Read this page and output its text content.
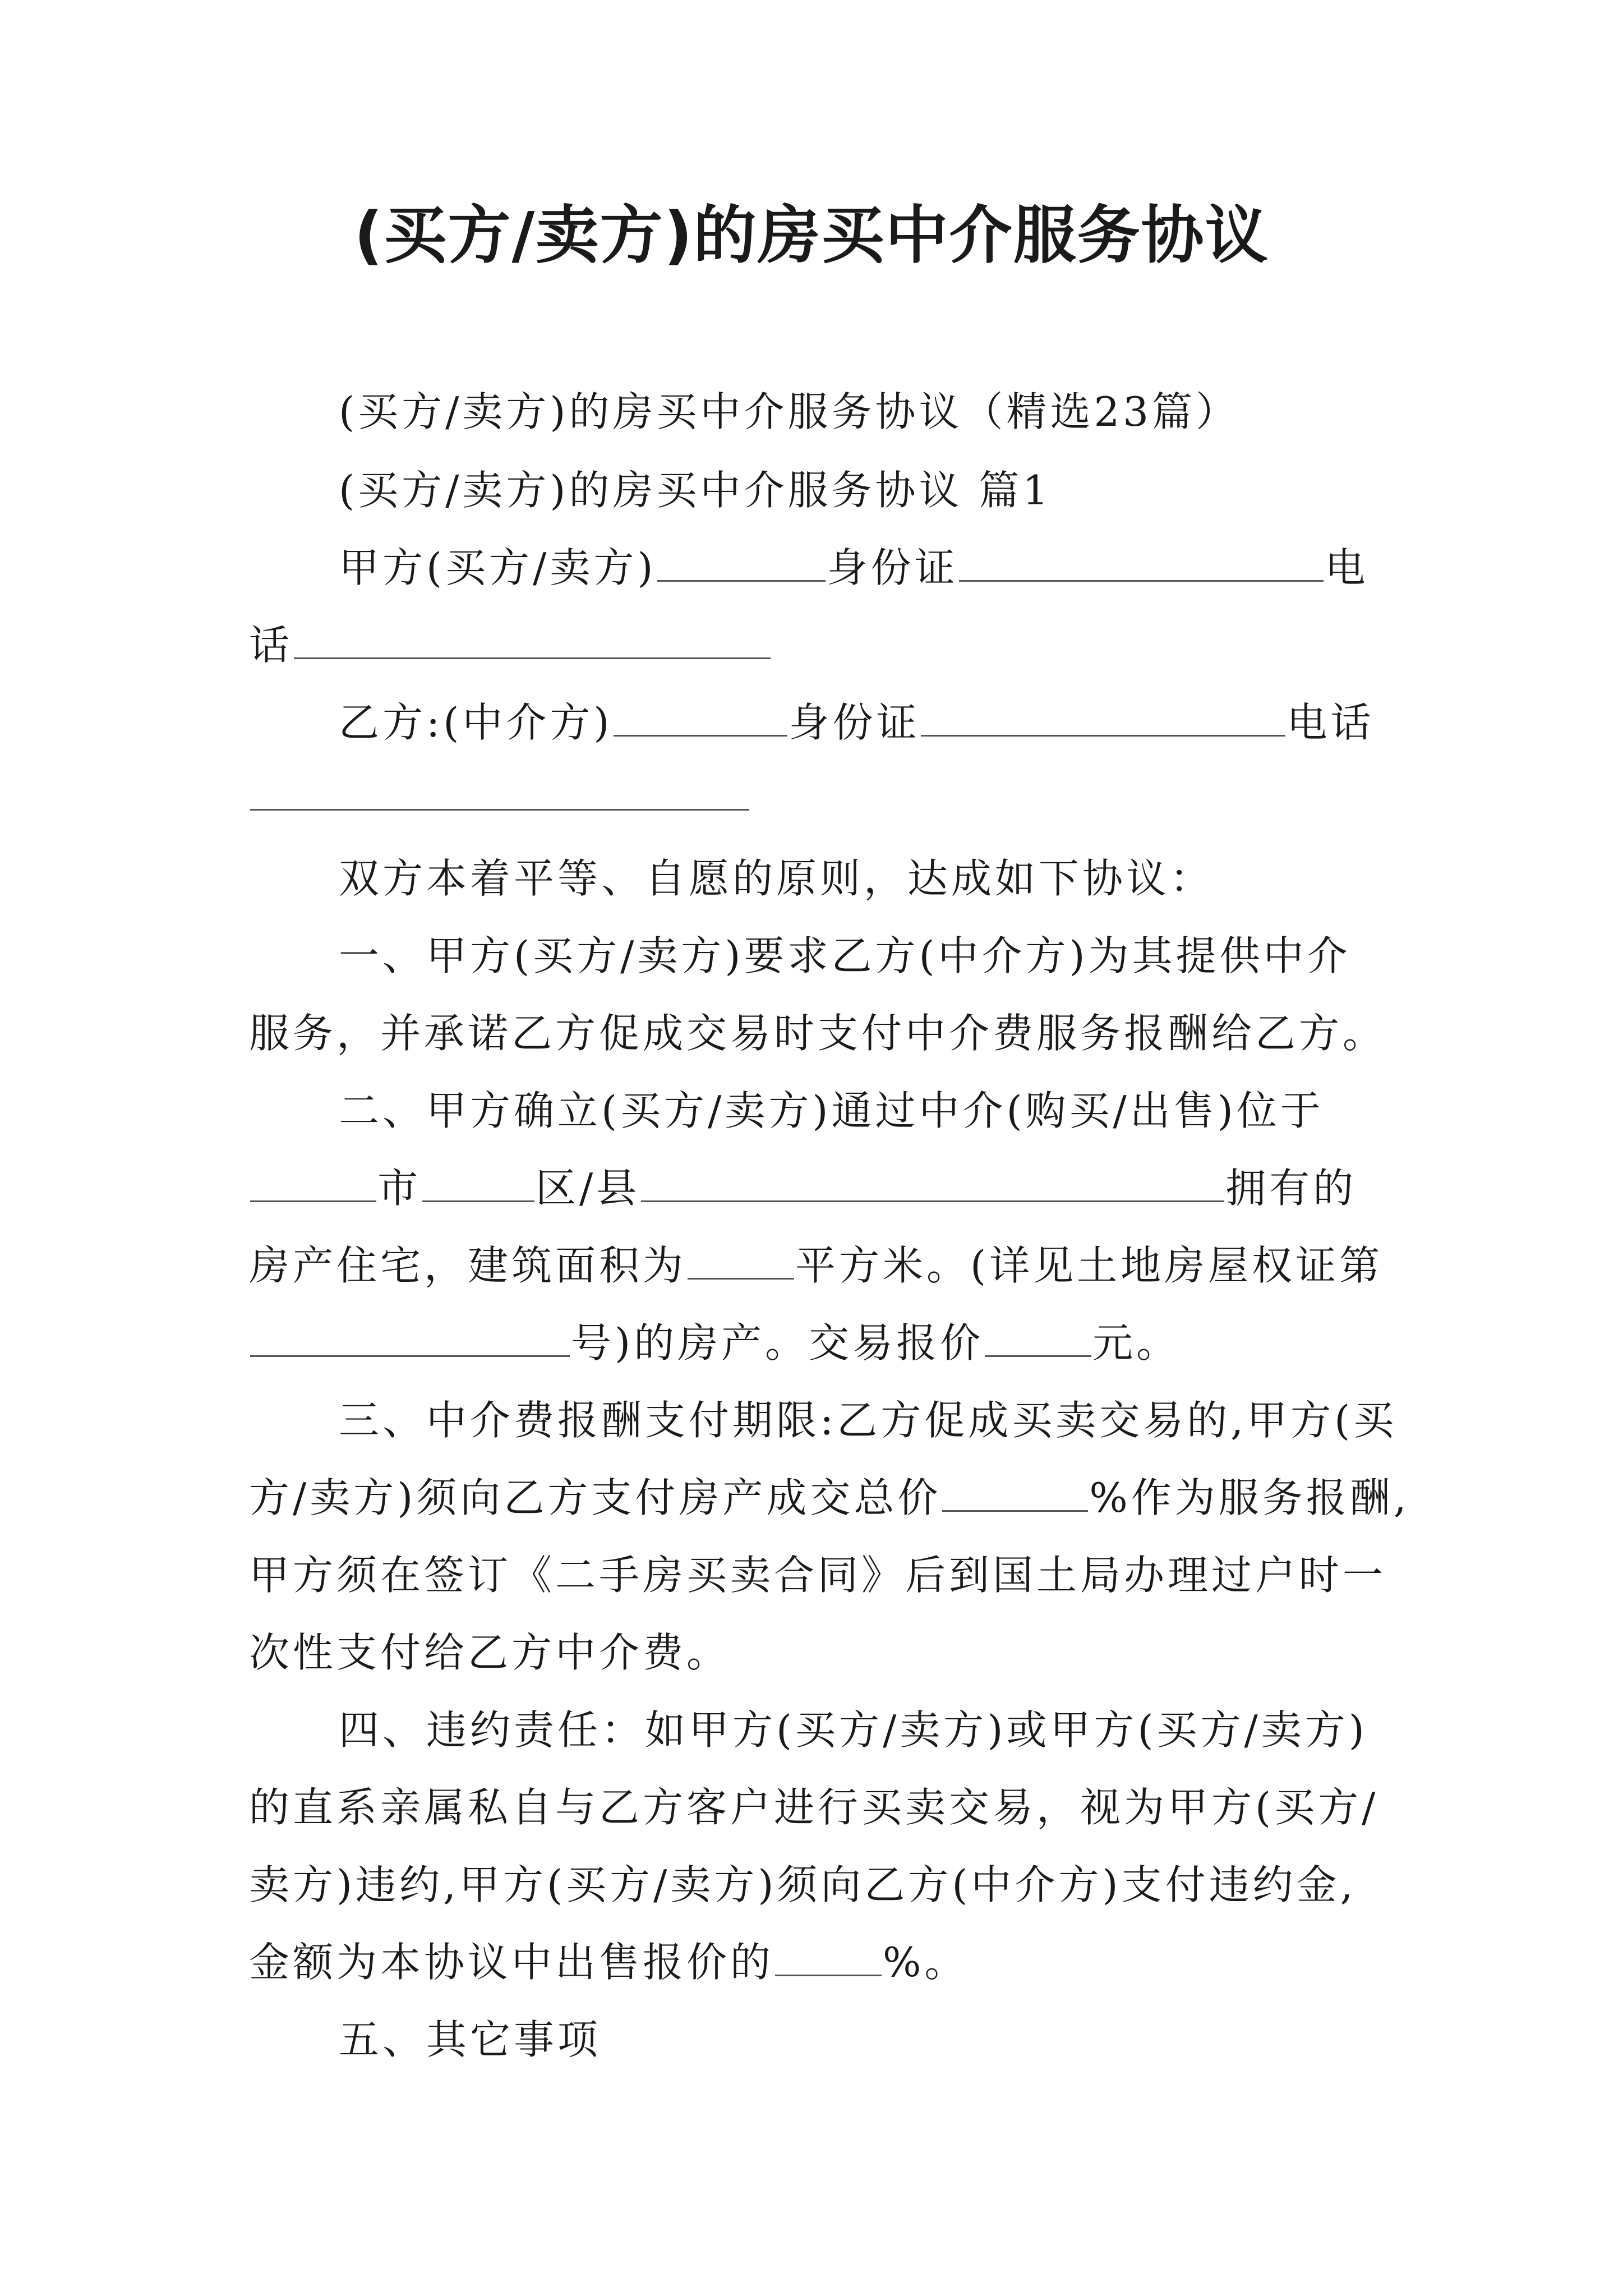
(买方/卖方)的房买中介服务协议
(买方/卖方)的房买中介服务协议（精选23篇）
(买方/卖方)的房买中介服务协议 篇1
甲方(买方/卖方)	身份证	电
话
乙方:(中介方)	身份证	电话
双方本着平等、自愿的原则，达成如下协议：
一、甲方(买方/卖方)要求乙方(中介方)为其提供中介
服务，并承诺乙方促成交易时支付中介费服务报酬给乙方。
二、甲方确立(买方/卖方)通过中介(购买/出售)位于
市	区/县	拥有的
房产住宅，建筑面积为	平方米。(详见土地房屋权证第
号)的房产。交易报价	元。
三、中介费报酬支付期限:乙方促成买卖交易的,甲方(买
方/卖方)须向乙方支付房产成交总价	%作为服务报酬,
甲方须在签订《二手房买卖合同》后到国土局办理过户时一
次性支付给乙方中介费。
四、违约责任：如甲方(买方/卖方)或甲方(买方/卖方)
的直系亲属私自与乙方客户进行买卖交易，视为甲方(买方/
卖方)违约,甲方(买方/卖方)须向乙方(中介方)支付违约金,
金额为本协议中出售报价的	%。
五、其它事项
